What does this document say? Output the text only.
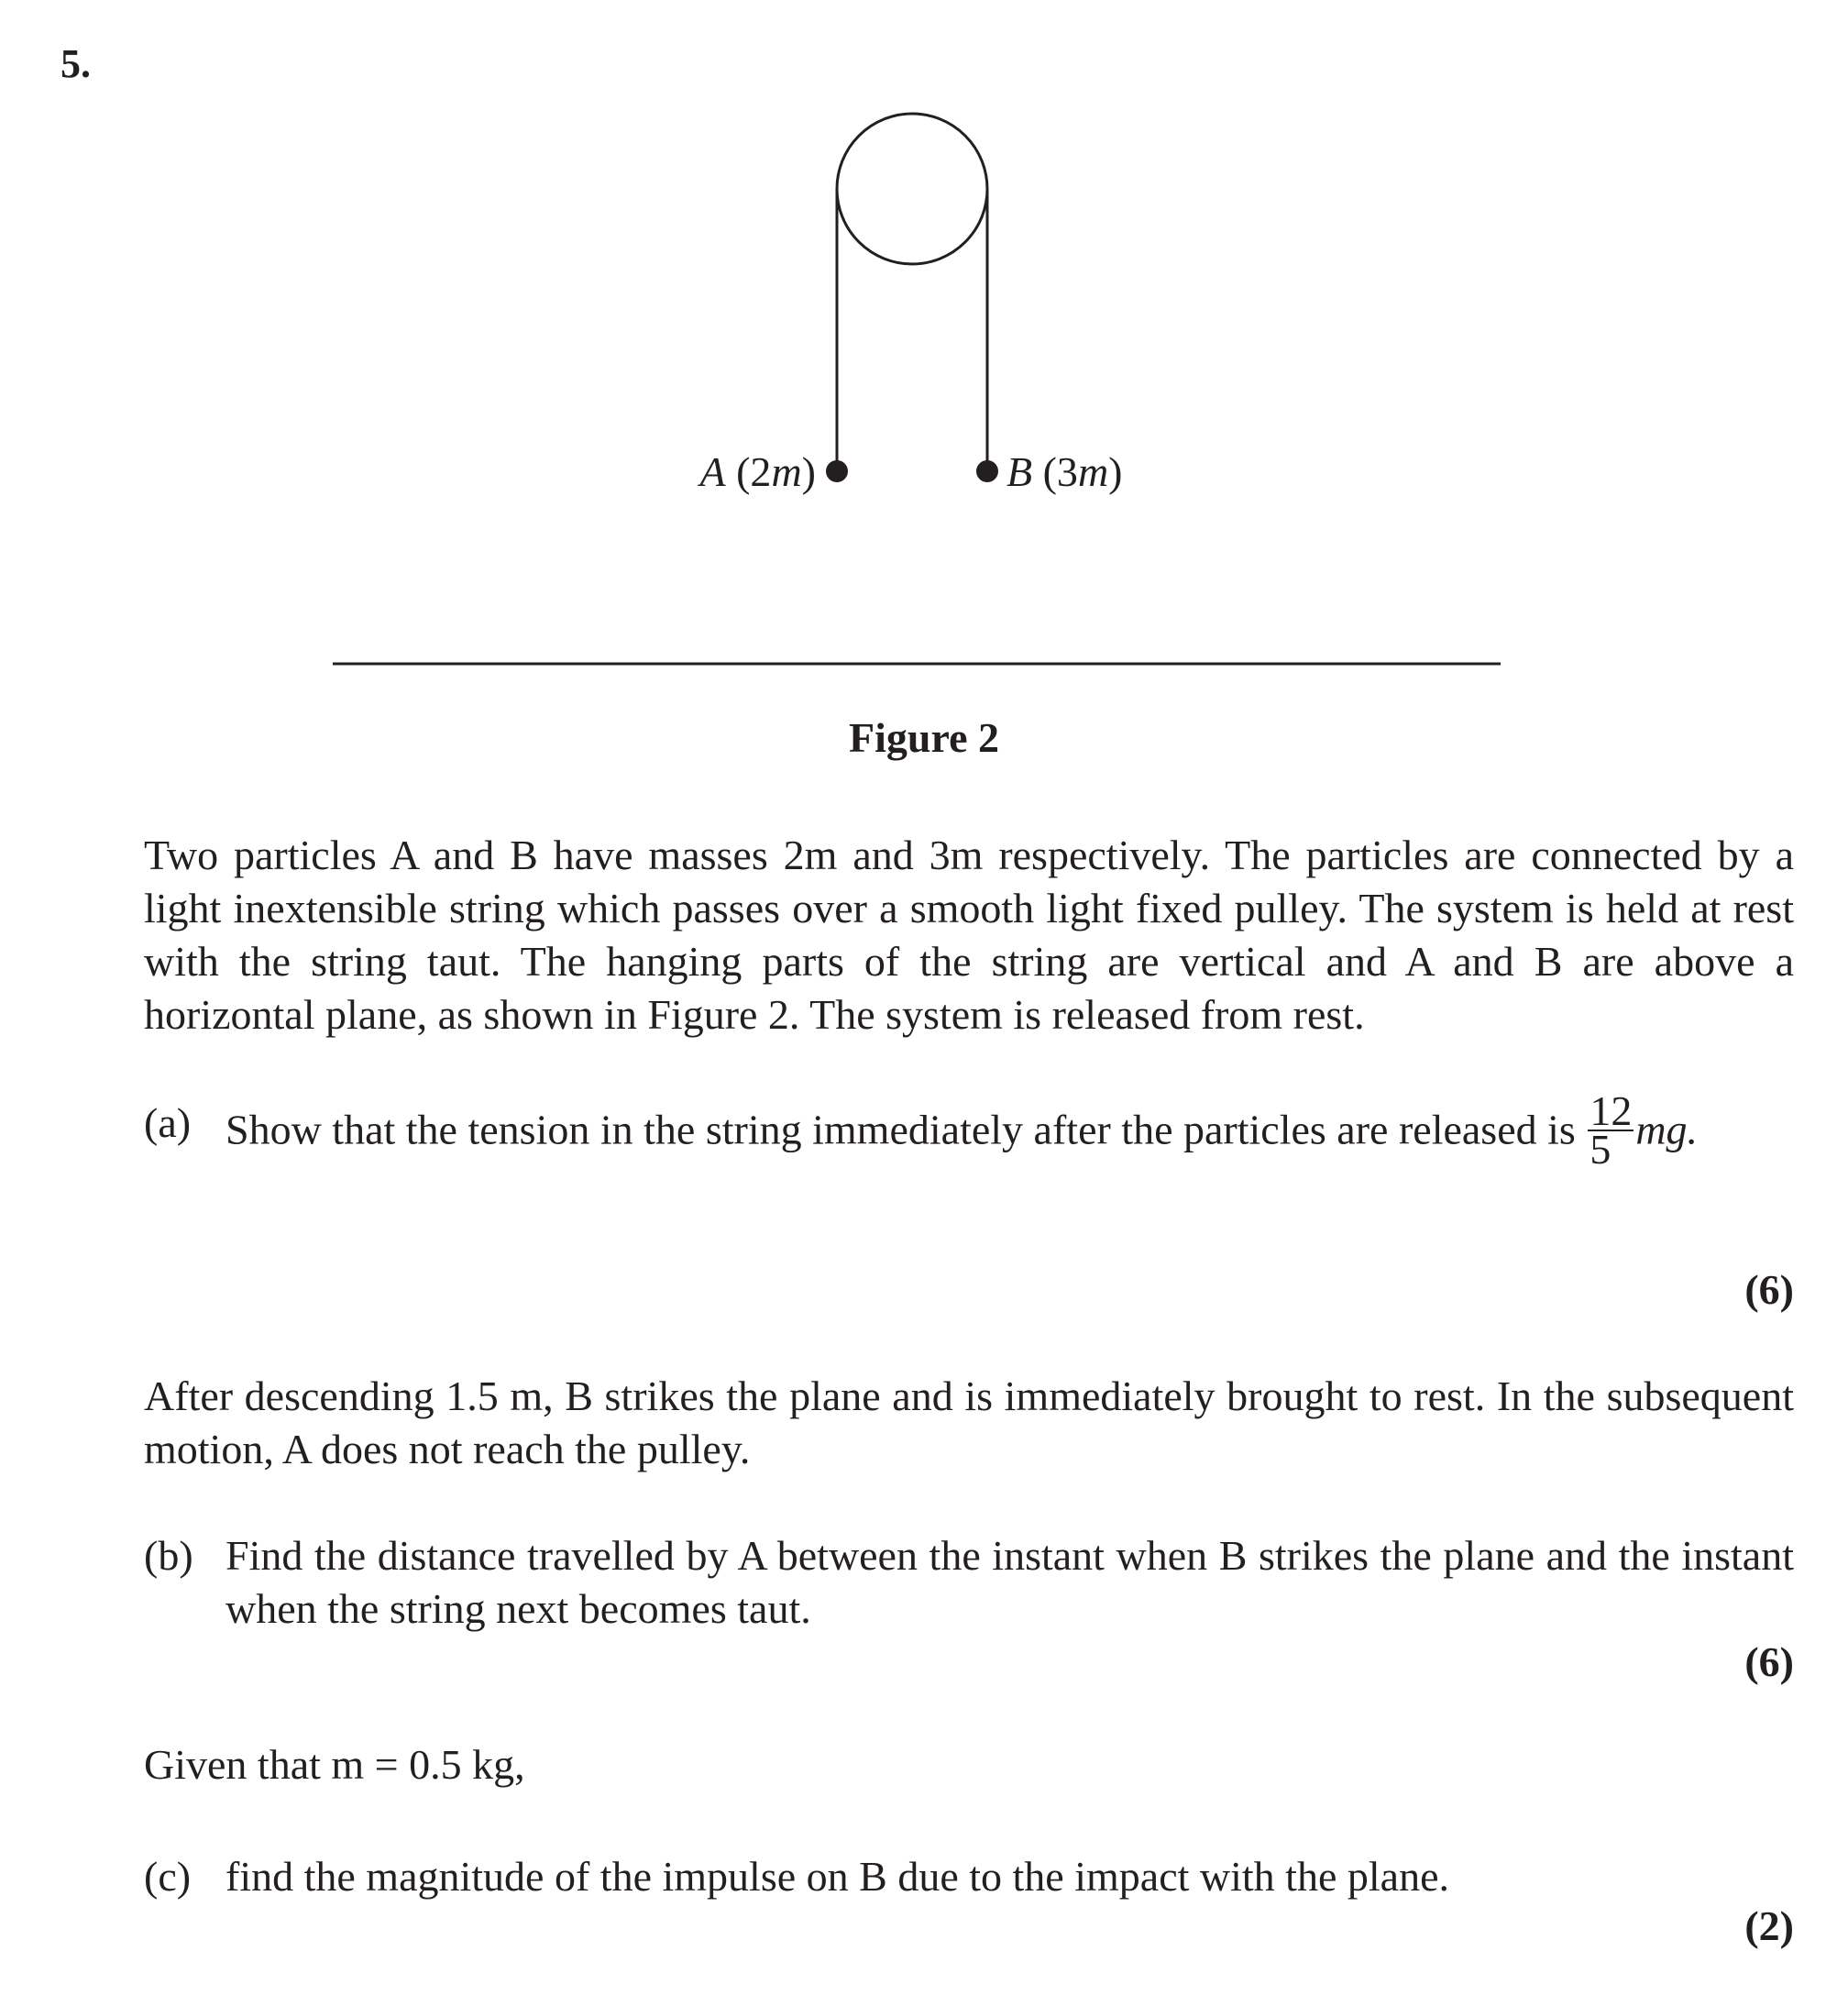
5.
A (2m)	B (3m)
Figure 2
Two particles A and B have masses 2m and 3m respectively. The particles are connected by a light inextensible string which passes over a smooth light fixed pulley. The system is held at rest with the string taut. The hanging parts of the string are vertical and A and B are above a horizontal plane, as shown in Figure 2. The system is released from rest.
(a) Show that the tension in the string immediately after the particles are released is $\frac{12}{5}$ mg.
(6)
After descending 1.5 m, B strikes the plane and is immediately brought to rest. In the subsequent motion, A does not reach the pulley.
(b) Find the distance travelled by A between the instant when B strikes the plane and the instant when the string next becomes taut.
(6)
Given that m = 0.5 kg,
(c) find the magnitude of the impulse on B due to the impact with the plane.
(2)
